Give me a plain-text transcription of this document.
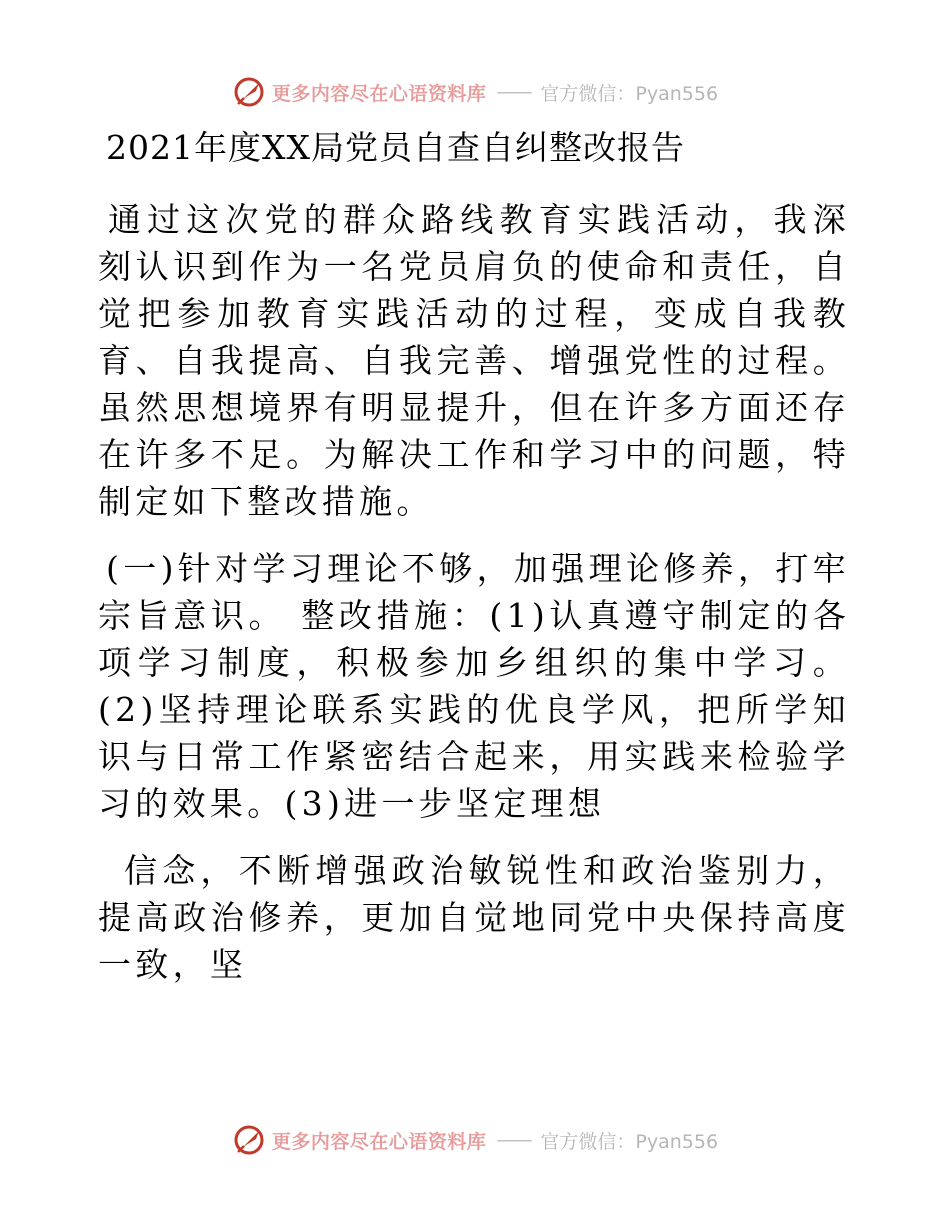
更多内容尽在心语资料库 —— 官方微信：Pyan556
2021年度XX局党员自查自纠整改报告

通过这次党的群众路线教育实践活动，我深刻认识到作为一名党员肩负的使命和责任，自觉把参加教育实践活动的过程，变成自我教育、自我提高、自我完善、增强党性的过程。虽然思想境界有明显提升，但在许多方面还存在许多不足。为解决工作和学习中的问题，特制定如下整改措施。

(一)针对学习理论不够，加强理论修养，打牢宗旨意识。 整改措施：(1)认真遵守制定的各项学习制度，积极参加乡组织的集中学习。(2)坚持理论联系实践的优良学风，把所学知识与日常工作紧密结合起来，用实践来检验学习的效果。(3)进一步坚定理想

信念，不断增强政治敏锐性和政治鉴别力，提高政治修养，更加自觉地同党中央保持高度一致，坚

更多内容尽在心语资料库 —— 官方微信：Pyan556
